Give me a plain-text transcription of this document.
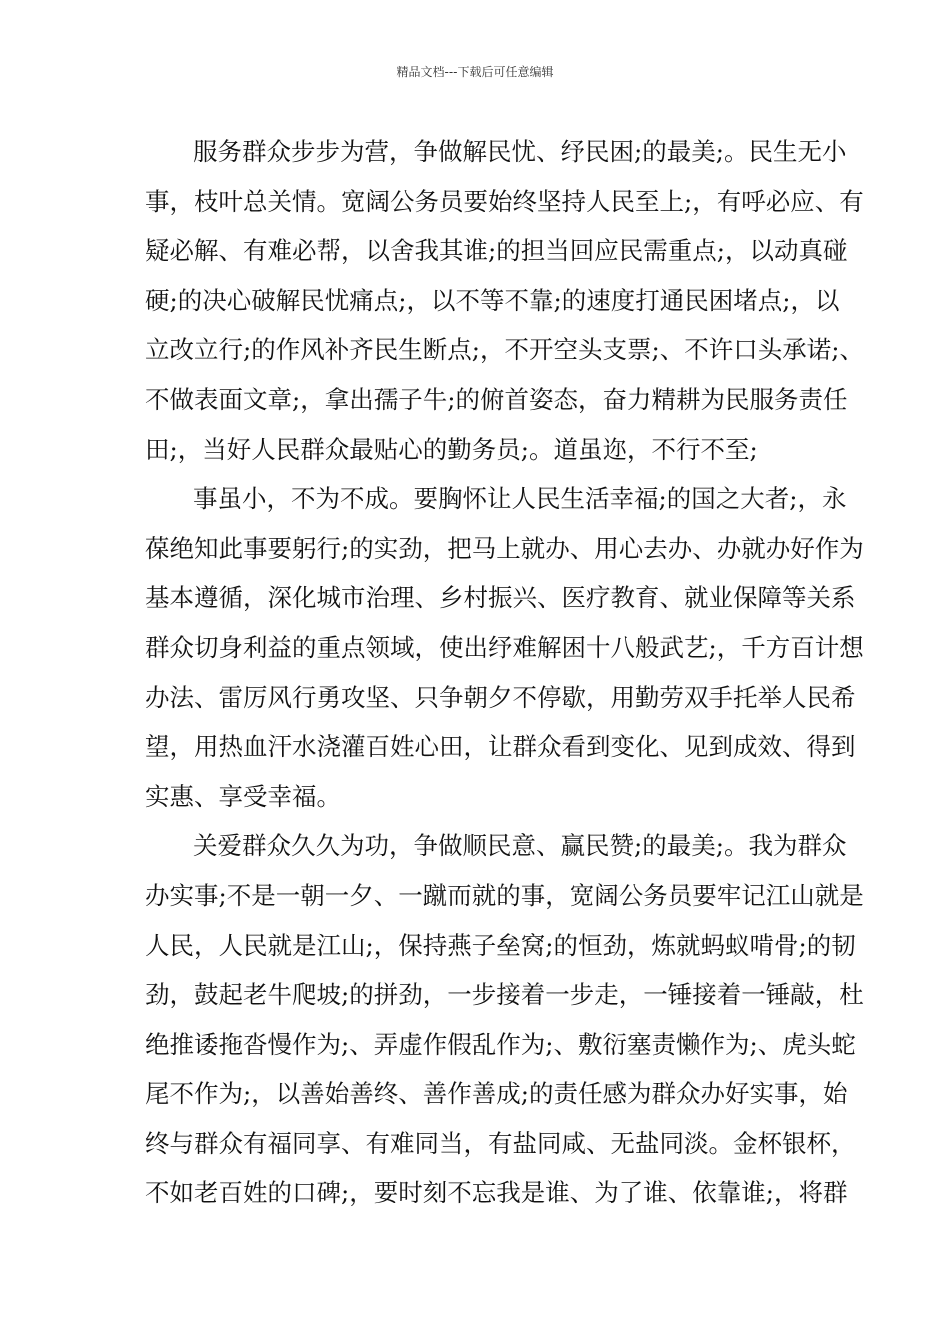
精品文档---下载后可任意编辑

服务群众步步为营，争做解民忧、纾民困;的最美;。民生无小
事，枝叶总关情。宽阔公务员要始终坚持人民至上;，有呼必应、有
疑必解、有难必帮，以舍我其谁;的担当回应民需重点;，以动真碰
硬;的决心破解民忧痛点;，以不等不靠;的速度打通民困堵点;，以
立改立行;的作风补齐民生断点;，不开空头支票;、不许口头承诺;、
不做表面文章;，拿出孺子牛;的俯首姿态，奋力精耕为民服务责任
田;，当好人民群众最贴心的勤务员;。道虽迩，不行不至;

事虽小，不为不成。要胸怀让人民生活幸福;的国之大者;，永
葆绝知此事要躬行;的实劲，把马上就办、用心去办、办就办好作为
基本遵循，深化城市治理、乡村振兴、医疗教育、就业保障等关系
群众切身利益的重点领域，使出纾难解困十八般武艺;，千方百计想
办法、雷厉风行勇攻坚、只争朝夕不停歇，用勤劳双手托举人民希
望，用热血汗水浇灌百姓心田，让群众看到变化、见到成效、得到
实惠、享受幸福。

关爱群众久久为功，争做顺民意、赢民赞;的最美;。我为群众
办实事;不是一朝一夕、一蹴而就的事，宽阔公务员要牢记江山就是
人民，人民就是江山;，保持燕子垒窝;的恒劲，炼就蚂蚁啃骨;的韧
劲，鼓起老牛爬坡;的拼劲，一步接着一步走，一锤接着一锤敲，杜
绝推诿拖沓慢作为;、弄虚作假乱作为;、敷衍塞责懒作为;、虎头蛇
尾不作为;，以善始善终、善作善成;的责任感为群众办好实事，始
终与群众有福同享、有难同当，有盐同咸、无盐同淡。金杯银杯，
不如老百姓的口碑;，要时刻不忘我是谁、为了谁、依靠谁;，将群
